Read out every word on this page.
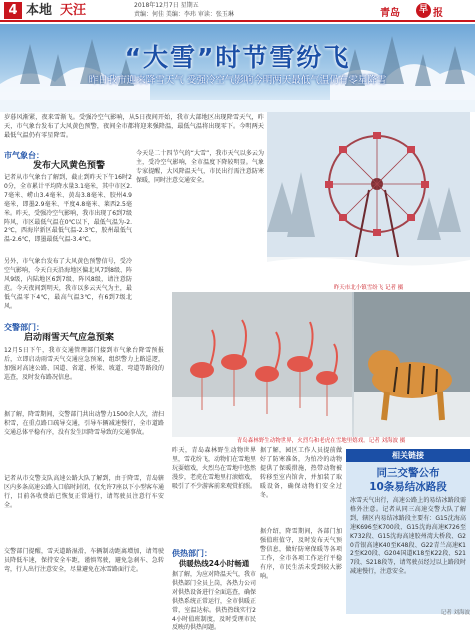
4 本地 天汪	2018年12月7日 星期五
责编：何佳 美编：李玮 审读：张玉琳	青岛	早 报
“大雪”时节雪纷飞
昨日我市迎来降雪天气 受强冷空气影响今明两天最低气温仍有零星降雪
岁暮风渐紧，夜来雪渐飞。受强冷空气影响，从5日夜间开始，我市大部地区出现降雪天气，昨天，市气象台发布了大风黄色预警，夜间全市都将迎来强降温，最低气温将出现零下。今明两天最低气温仍有零星降雪。
市气象台：
发布大风黄色预警
记者从市气象台了解到，截止到昨天下午16时20分，全市累计平均降水量3.1毫米，其中市区2.7毫米、崂山3.4毫米、黄岛3.8毫米、胶州4.9毫米，即墨2.9毫米、平度4.8毫米、莱西2.5毫米。昨天，受强冷空气影响，我市出现了6到7级阵风，市区最低气温在0℃以下，最低气温为-2.2℃，西海岸新区最低气温-2.3℃，胶州最低气温-2.6℃，即墨最低气温-3.4℃。
另外，市气象台发布了大风黄色预警信号，受冷空气影响，今天白天沿海地区偏北风7到8级、阵风9级，内陆地区6到7级、阵风8级，请注意防范。今天夜间到明天，我市以多云天气为主，最低气温零下4℃，最高气温3℃，有6到7级北风。
今天是二十四节气的“大雪”，我市天气以多云为主，受冷空气影响，全市温度下降较明显。气象专家提醒，大风降温天气，市民出行需注意防寒保暖，同时注意交通安全。
交警部门：
启动雨雪天气应急预案
12月5日下午，我市交通管理部门接到市气象台降雪预报后，立即启动雨雪天气交通应急预案，组织警力上路巡逻，加强对高速公路、国道、省道、桥梁、坡道、弯道等路段的巡查，及时发布路况信息。
据了解，降雪期间，交警部门共出动警力1500余人次，清扫积雪，在重点路口疏导交通，引导车辆减速慢行，全市道路交通总体平稳有序，没有发生因降雪导致的交通事故。
记者从市交警支队高速公路大队了解到，由于降雪，青岛辖区内多条高速公路入口临时封闭，仅允许7座以下小型客车通行，目前各收费站已恢复正常通行，请驾驶员注意行车安全。
交警部门提醒，雪天道路湿滑，车辆制动距离增加，请驾驶员降低车速，保持安全车距，谨慎驾驶，避免急刹车、急转弯，行人出行注意安全，尽量避免在冰雪路面行走。
昨天市北小镇雪纷飞 记者 摄
青岛森林野生动物世界，火烈鸟和老虎在雪地里嬉戏。记者 刘海波 摄
昨天，青岛森林野生动物世界里，雪花纷飞，动物们在雪地里玩耍嬉戏，火烈鸟在雪地中悠然漫步，老虎在雪地里打滚嬉戏，吸引了不少游客前来观赏拍照。
供热部门：
供暖热线24小时畅通
据了解，为应对降温天气，我市供热部门全员上岗，各热力公司对供热设备进行全面巡查，确保供热系统正常运行，全市供暖正常，室温达标。供热热线实行24小时值班制度，及时受理市民反映的供热问题。
据了解，园区工作人员提前做好了防寒准备，为怕冷的动物提供了保暖措施，热带动物被转移至室内馆舍，并加装了取暖设备，确保动物们安全过冬。
据介绍，降雪期间，各部门加强值班值守，及时发布天气预警信息，做好防寒保暖等各项工作，全市各项工作运行平稳有序，市民生活未受到较大影响。
相关链接
同三交警公布
10条易结冰路段
冰雪天气出行，高速公路上的易结冰路段需格外注意。记者从同三高速交警大队了解到，辖区内易结冰路段主要有：G15沈海高速K696至K700段、G15沈海高速K726至K732段、G15沈海高速胶州湾大桥段、G20青银高速K40至K48段、G22青兰高速K12至K20段、G204国道K18至K22段、S217段、S218段等，请驾驶员经过以上路段时减速慢行，注意安全。
记者 刘海波
